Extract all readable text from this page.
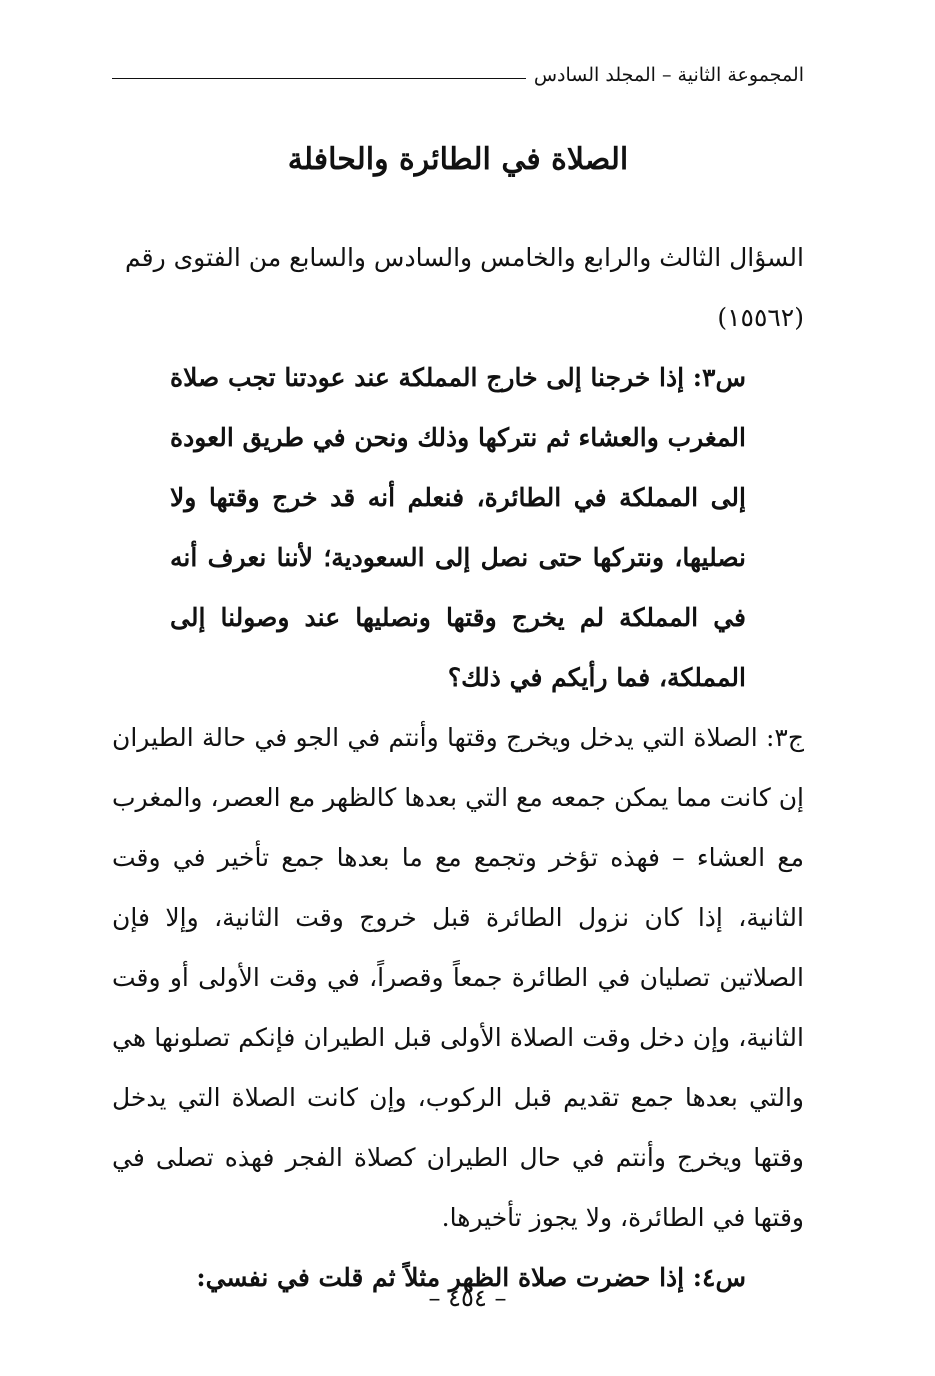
المجموعة الثانية – المجلد السادس
الصلاة في الطائرة والحافلة

السؤال الثالث والرابع والخامس والسادس والسابع من الفتوى رقم

(١٥٥٦٢)

س٣: إذا خرجنا إلى خارج المملكة عند عودتنا تجب صلاة المغرب والعشاء ثم نتركها وذلك ونحن في طريق العودة إلى المملكة في الطائرة، فنعلم أنه قد خرج وقتها ولا نصليها، ونتركها حتى نصل إلى السعودية؛ لأننا نعرف أنه في المملكة لم يخرج وقتها ونصليها عند وصولنا إلى المملكة، فما رأيكم في ذلك؟

ج٣: الصلاة التي يدخل ويخرج وقتها وأنتم في الجو في حالة الطيران إن كانت مما يمكن جمعه مع التي بعدها كالظهر مع العصر، والمغرب مع العشاء – فهذه تؤخر وتجمع مع ما بعدها جمع تأخير في وقت الثانية، إذا كان نزول الطائرة قبل خروج وقت الثانية، وإلا فإن الصلاتين تصليان في الطائرة جمعاً وقصراً، في وقت الأولى أو وقت الثانية، وإن دخل وقت الصلاة الأولى قبل الطيران فإنكم تصلونها هي والتي بعدها جمع تقديم قبل الركوب، وإن كانت الصلاة التي يدخل وقتها ويخرج وأنتم في حال الطيران كصلاة الفجر فهذه تصلى في وقتها في الطائرة، ولا يجوز تأخيرها.

س٤: إذا حضرت صلاة الظهر مثلاً ثم قلت في نفسي:

– ٤٥٤ –
